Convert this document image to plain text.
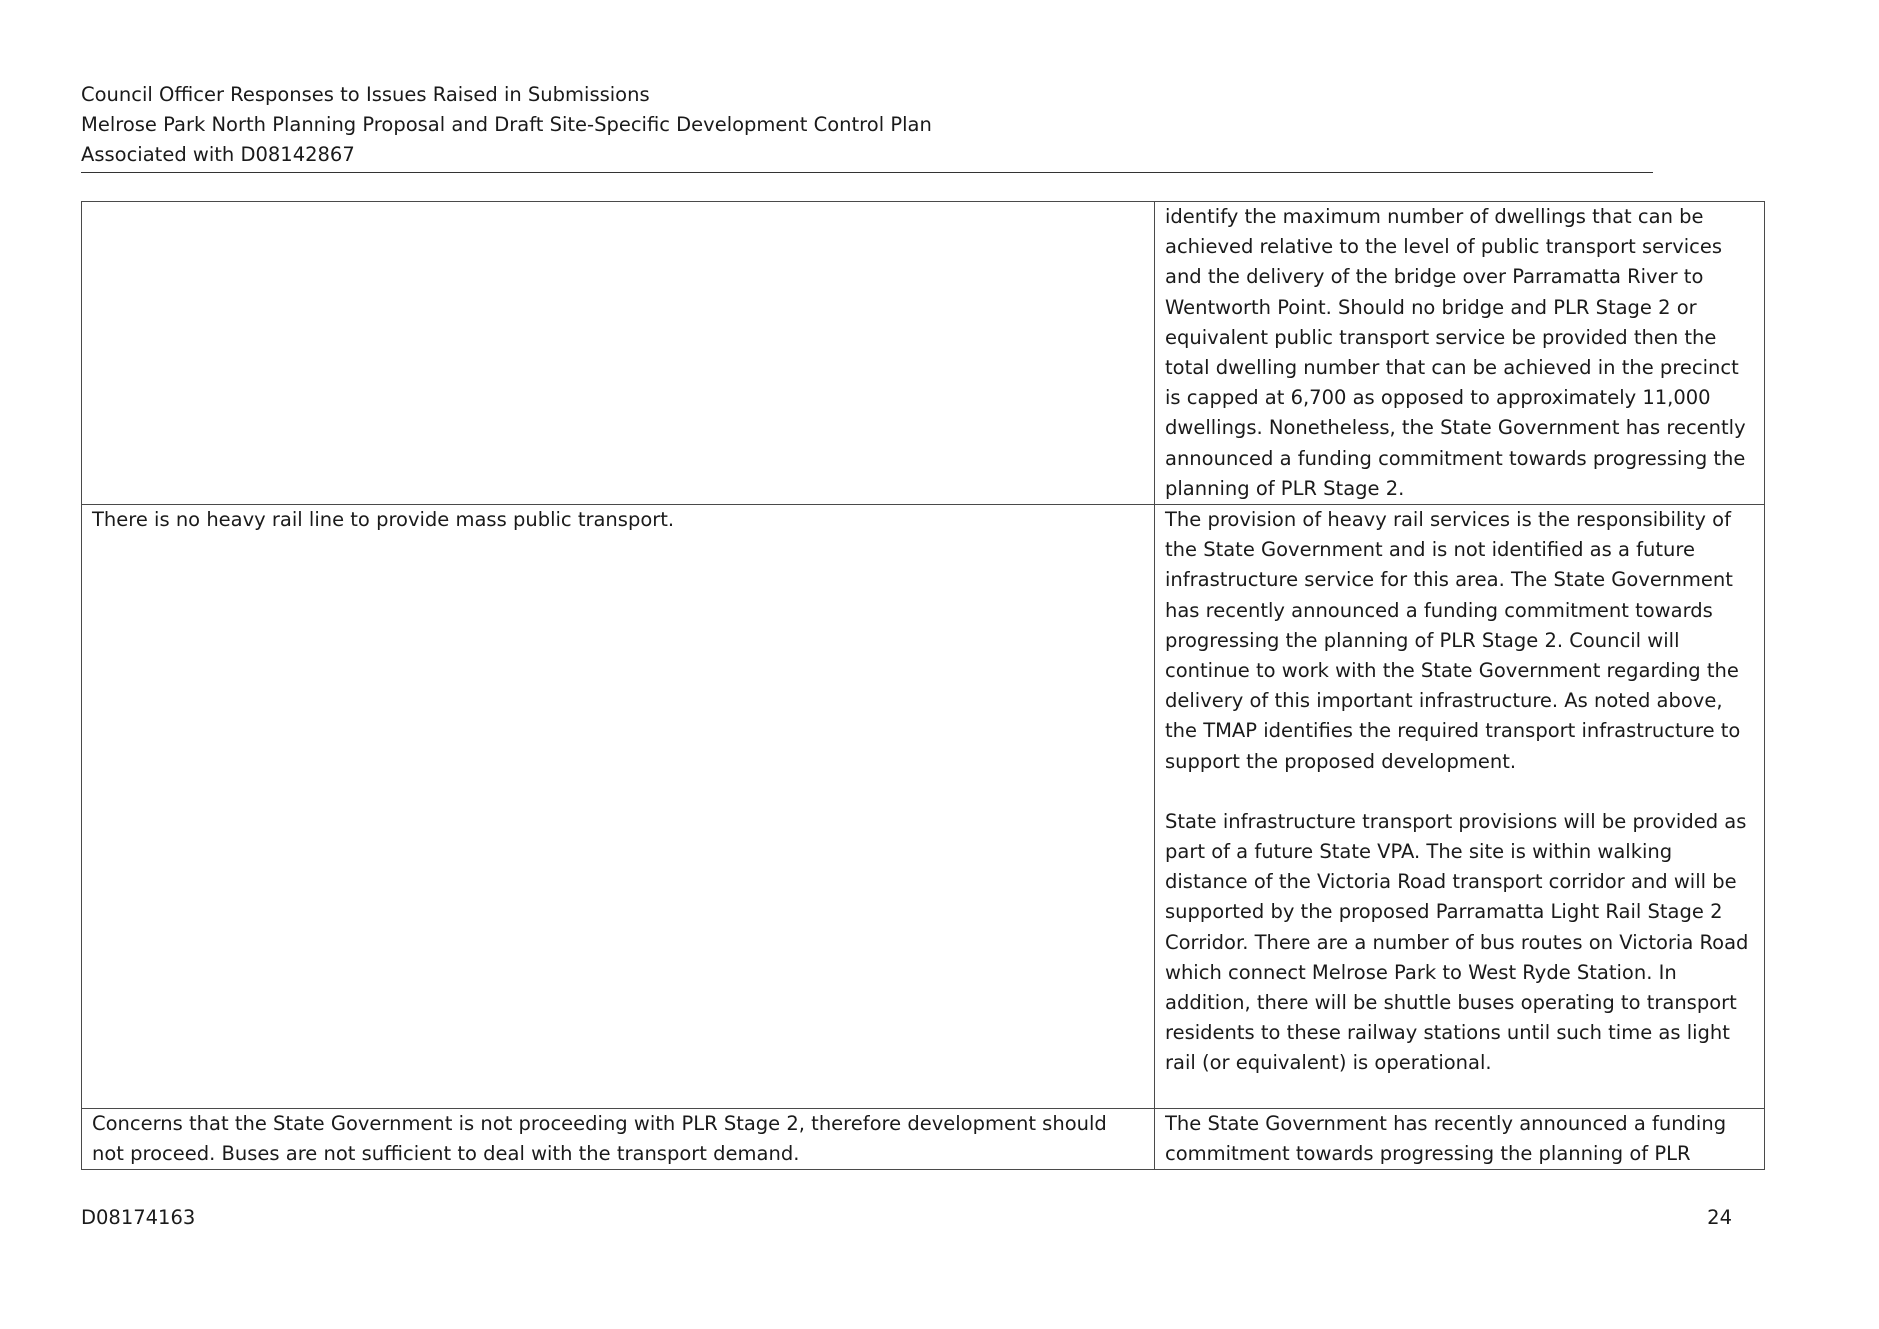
Council Officer Responses to Issues Raised in Submissions
Melrose Park North Planning Proposal and Draft Site-Specific Development Control Plan
Associated with D08142867

	identify the maximum number of dwellings that can be achieved relative to the level of public transport services and the delivery of the bridge over Parramatta River to Wentworth Point. Should no bridge and PLR Stage 2 or equivalent public transport service be provided then the total dwelling number that can be achieved in the precinct is capped at 6,700 as opposed to approximately 11,000 dwellings. Nonetheless, the State Government has recently announced a funding commitment towards progressing the planning of PLR Stage 2.

There is no heavy rail line to provide mass public transport.	The provision of heavy rail services is the responsibility of the State Government and is not identified as a future infrastructure service for this area. The State Government has recently announced a funding commitment towards progressing the planning of PLR Stage 2. Council will continue to work with the State Government regarding the delivery of this important infrastructure. As noted above, the TMAP identifies the required transport infrastructure to support the proposed development.

State infrastructure transport provisions will be provided as part of a future State VPA. The site is within walking distance of the Victoria Road transport corridor and will be supported by the proposed Parramatta Light Rail Stage 2 Corridor. There are a number of bus routes on Victoria Road which connect Melrose Park to West Ryde Station. In addition, there will be shuttle buses operating to transport residents to these railway stations until such time as light rail (or equivalent) is operational.

Concerns that the State Government is not proceeding with PLR Stage 2, therefore development should not proceed. Buses are not sufficient to deal with the transport demand.	The State Government has recently announced a funding commitment towards progressing the planning of PLR

D08174163	24
